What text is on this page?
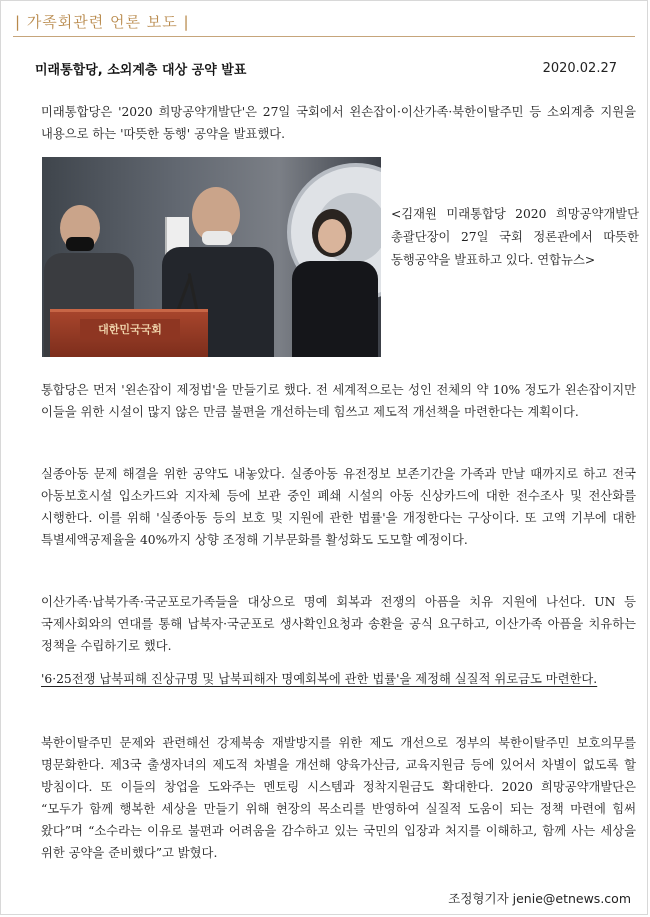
| 가족회관련 언론 보도 |
미래통합당, 소외계층 대상 공약 발표	2020.02.27

미래통합당은 '2020 희망공약개발단'은 27일 국회에서 왼손잡이·이산가족·북한이탈주민 등 소외계층 지원을 내용으로 하는 '따뜻한 동행' 공약을 발표했다.

대한민국국회

<김재원 미래통합당 2020 희망공약개발단 총괄단장이 27일 국회 정론관에서 따뜻한 동행공약을 발표하고 있다. 연합뉴스>

통합당은 먼저 '왼손잡이 제정법'을 만들기로 했다. 전 세계적으로는 성인 전체의 약 10% 정도가 왼손잡이지만 이들을 위한 시설이 많지 않은 만큼 불편을 개선하는데 힘쓰고 제도적 개선책을 마련한다는 계획이다.

실종아동 문제 해결을 위한 공약도 내놓았다. 실종아동 유전정보 보존기간을 가족과 만날 때까지로 하고 전국 아동보호시설 입소카드와 지자체 등에 보관 중인 폐쇄 시설의 아동 신상카드에 대한 전수조사 및 전산화를 시행한다. 이를 위해 '실종아동 등의 보호 및 지원에 관한 법률'을 개정한다는 구상이다. 또 고액 기부에 대한 특별세액공제율을 40%까지 상향 조정해 기부문화를 활성화도 도모할 예정이다.

이산가족·납북가족·국군포로가족들을 대상으로 명예 회복과 전쟁의 아픔을 치유 지원에 나선다. UN 등 국제사회와의 연대를 통해 납북자·국군포로 생사확인요청과 송환을 공식 요구하고, 이산가족 아픔을 치유하는 정책을 수립하기로 했다.

'6·25전쟁 납북피해 진상규명 및 납북피해자 명예회복에 관한 법률'을 제정해 실질적 위로금도 마련한다.

북한이탈주민 문제와 관련해선 강제북송 재발방지를 위한 제도 개선으로 정부의 북한이탈주민 보호의무를 명문화한다. 제3국 출생자녀의 제도적 차별을 개선해 양육가산금, 교육지원금 등에 있어서 차별이 없도록 할 방침이다. 또 이들의 창업을 도와주는 멘토링 시스템과 정착지원금도 확대한다. 2020 희망공약개발단은 “모두가 함께 행복한 세상을 만들기 위해 현장의 목소리를 반영하여 실질적 도움이 되는 정책 마련에 힘써 왔다”며 “소수라는 이유로 불편과 어려움을 감수하고 있는 국민의 입장과 처지를 이해하고, 함께 사는 세상을 위한 공약을 준비했다”고 밝혔다.

조정형기자 jenie@etnews.com
